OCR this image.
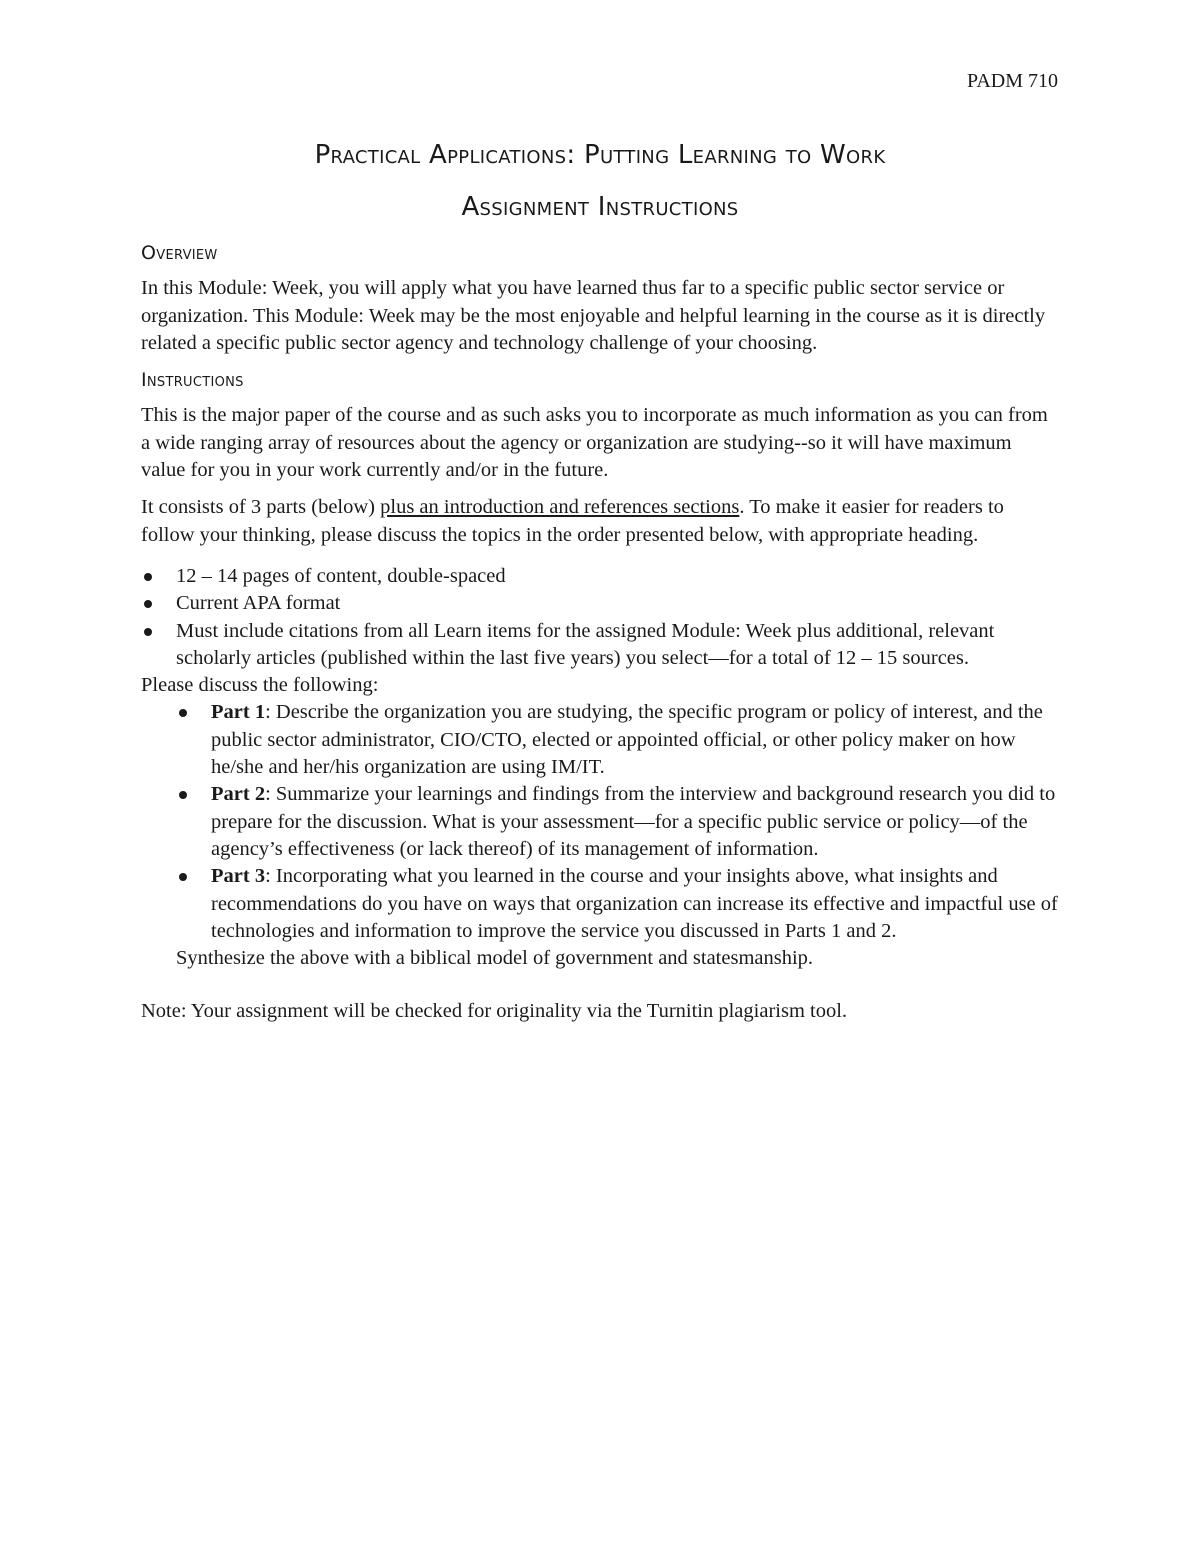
PADM 710
Practical Applications: Putting Learning to Work
Assignment Instructions
Overview

In this Module: Week, you will apply what you have learned thus far to a specific public sector service or organization. This Module: Week may be the most enjoyable and helpful learning in the course as it is directly related a specific public sector agency and technology challenge of your choosing.

Instructions

This is the major paper of the course and as such asks you to incorporate as much information as you can from a wide ranging array of resources about the agency or organization are studying--so it will have maximum value for you in your work currently and/or in the future.

It consists of 3 parts (below) plus an introduction and references sections. To make it easier for readers to follow your thinking, please discuss the topics in the order presented below, with appropriate heading.

12 – 14 pages of content, double-spaced
Current APA format
Must include citations from all Learn items for the assigned Module: Week plus additional, relevant scholarly articles (published within the last five years) you select—for a total of 12 – 15 sources.

Please discuss the following:

Part 1: Describe the organization you are studying, the specific program or policy of interest, and the public sector administrator, CIO/CTO, elected or appointed official, or other policy maker on how he/she and her/his organization are using IM/IT.
Part 2: Summarize your learnings and findings from the interview and background research you did to prepare for the discussion. What is your assessment—for a specific public service or policy—of the agency’s effectiveness (or lack thereof) of its management of information.
Part 3: Incorporating what you learned in the course and your insights above, what insights and recommendations do you have on ways that organization can increase its effective and impactful use of technologies and information to improve the service you discussed in Parts 1 and 2.

Synthesize the above with a biblical model of government and statesmanship.

Note: Your assignment will be checked for originality via the Turnitin plagiarism tool.
